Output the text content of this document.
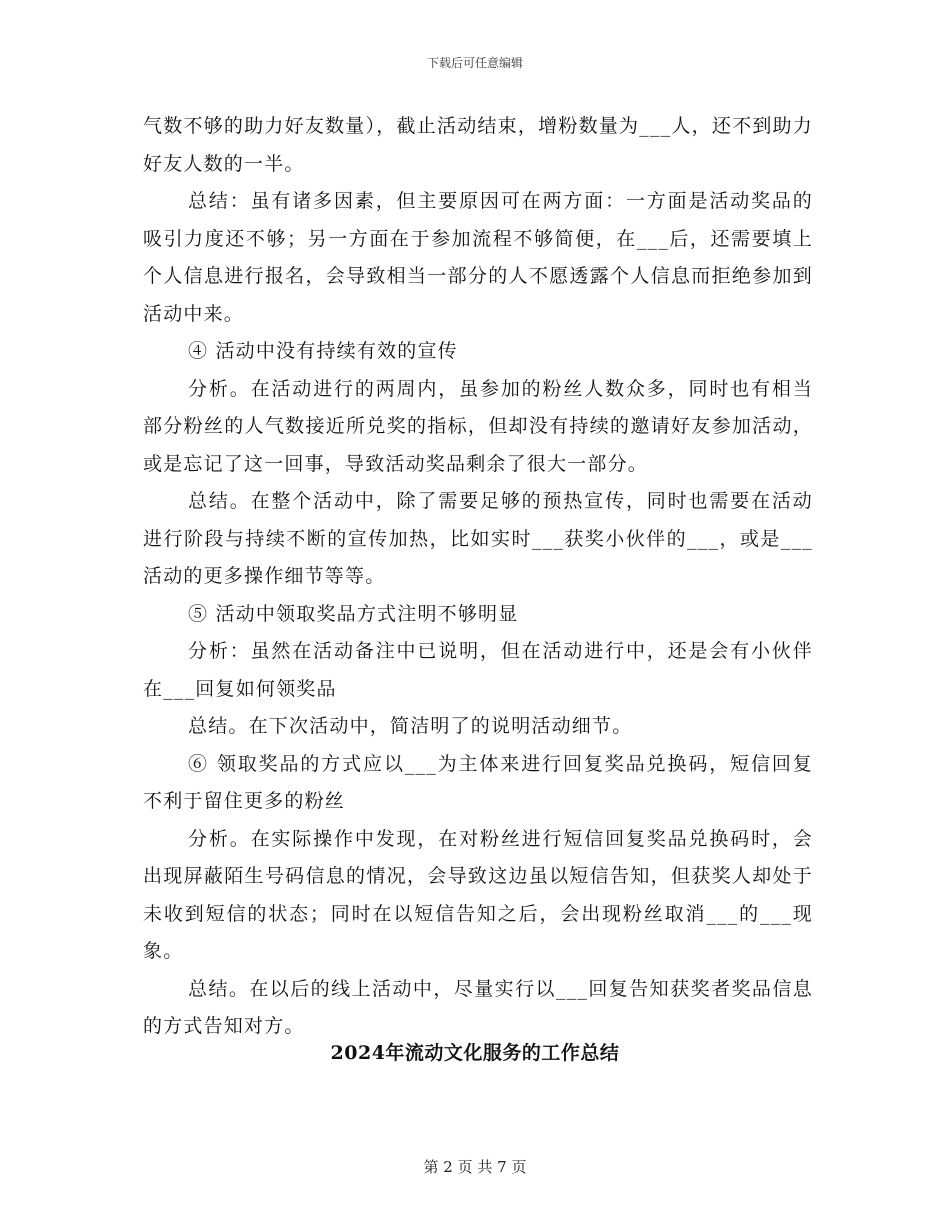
下载后可任意编辑

气数不够的助力好友数量），截止活动结束，增粉数量为___人，还不到助力好友人数的一半。

总结：虽有诸多因素，但主要原因可在两方面：一方面是活动奖品的吸引力度还不够；另一方面在于参加流程不够简便，在___后，还需要填上个人信息进行报名，会导致相当一部分的人不愿透露个人信息而拒绝参加到活动中来。

④ 活动中没有持续有效的宣传

分析。在活动进行的两周内，虽参加的粉丝人数众多，同时也有相当部分粉丝的人气数接近所兑奖的指标，但却没有持续的邀请好友参加活动，或是忘记了这一回事，导致活动奖品剩余了很大一部分。

总结。在整个活动中，除了需要足够的预热宣传，同时也需要在活动进行阶段与持续不断的宣传加热，比如实时___获奖小伙伴的___，或是___活动的更多操作细节等等。

⑤ 活动中领取奖品方式注明不够明显

分析：虽然在活动备注中已说明，但在活动进行中，还是会有小伙伴在___回复如何领奖品

总结。在下次活动中，简洁明了的说明活动细节。

⑥ 领取奖品的方式应以___为主体来进行回复奖品兑换码，短信回复不利于留住更多的粉丝

分析。在实际操作中发现，在对粉丝进行短信回复奖品兑换码时，会出现屏蔽陌生号码信息的情况，会导致这边虽以短信告知，但获奖人却处于未收到短信的状态；同时在以短信告知之后，会出现粉丝取消___的___现象。

总结。在以后的线上活动中，尽量实行以___回复告知获奖者奖品信息的方式告知对方。

2024年流动文化服务的工作总结
第 2 页 共 7 页
